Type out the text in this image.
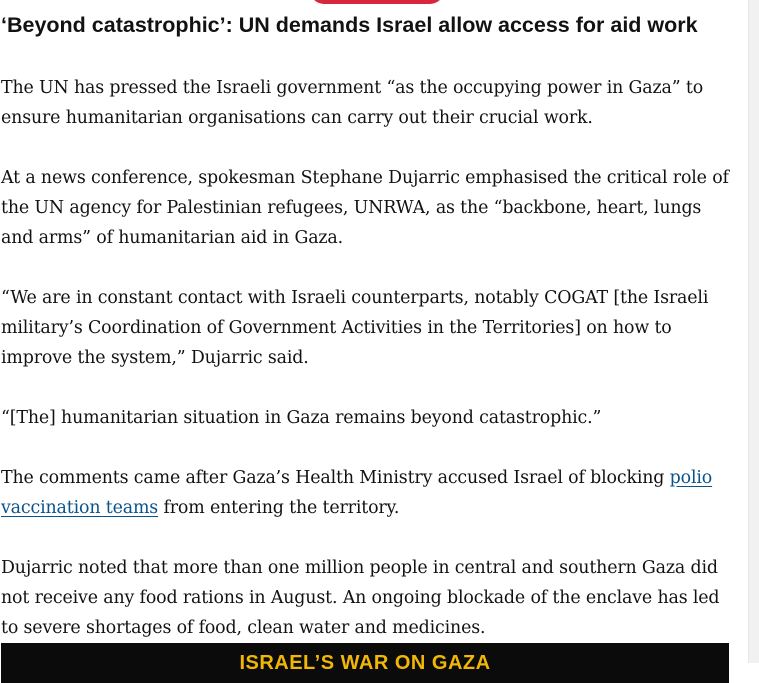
‘Beyond catastrophic’: UN demands Israel allow access for aid work

The UN has pressed the Israeli government “as the occupying power in Gaza” to ensure humanitarian organisations can carry out their crucial work.

At a news conference, spokesman Stephane Dujarric emphasised the critical role of the UN agency for Palestinian refugees, UNRWA, as the “backbone, heart, lungs and arms” of humanitarian aid in Gaza.

“We are in constant contact with Israeli counterparts, notably COGAT [the Israeli military’s Coordination of Government Activities in the Territories] on how to improve the system,” Dujarric said.

“[The] humanitarian situation in Gaza remains beyond catastrophic.”

The comments came after Gaza’s Health Ministry accused Israel of blocking polio vaccination teams from entering the territory.

Dujarric noted that more than one million people in central and southern Gaza did not receive any food rations in August. An ongoing blockade of the enclave has led to severe shortages of food, clean water and medicines.

ISRAEL’S WAR ON GAZA
